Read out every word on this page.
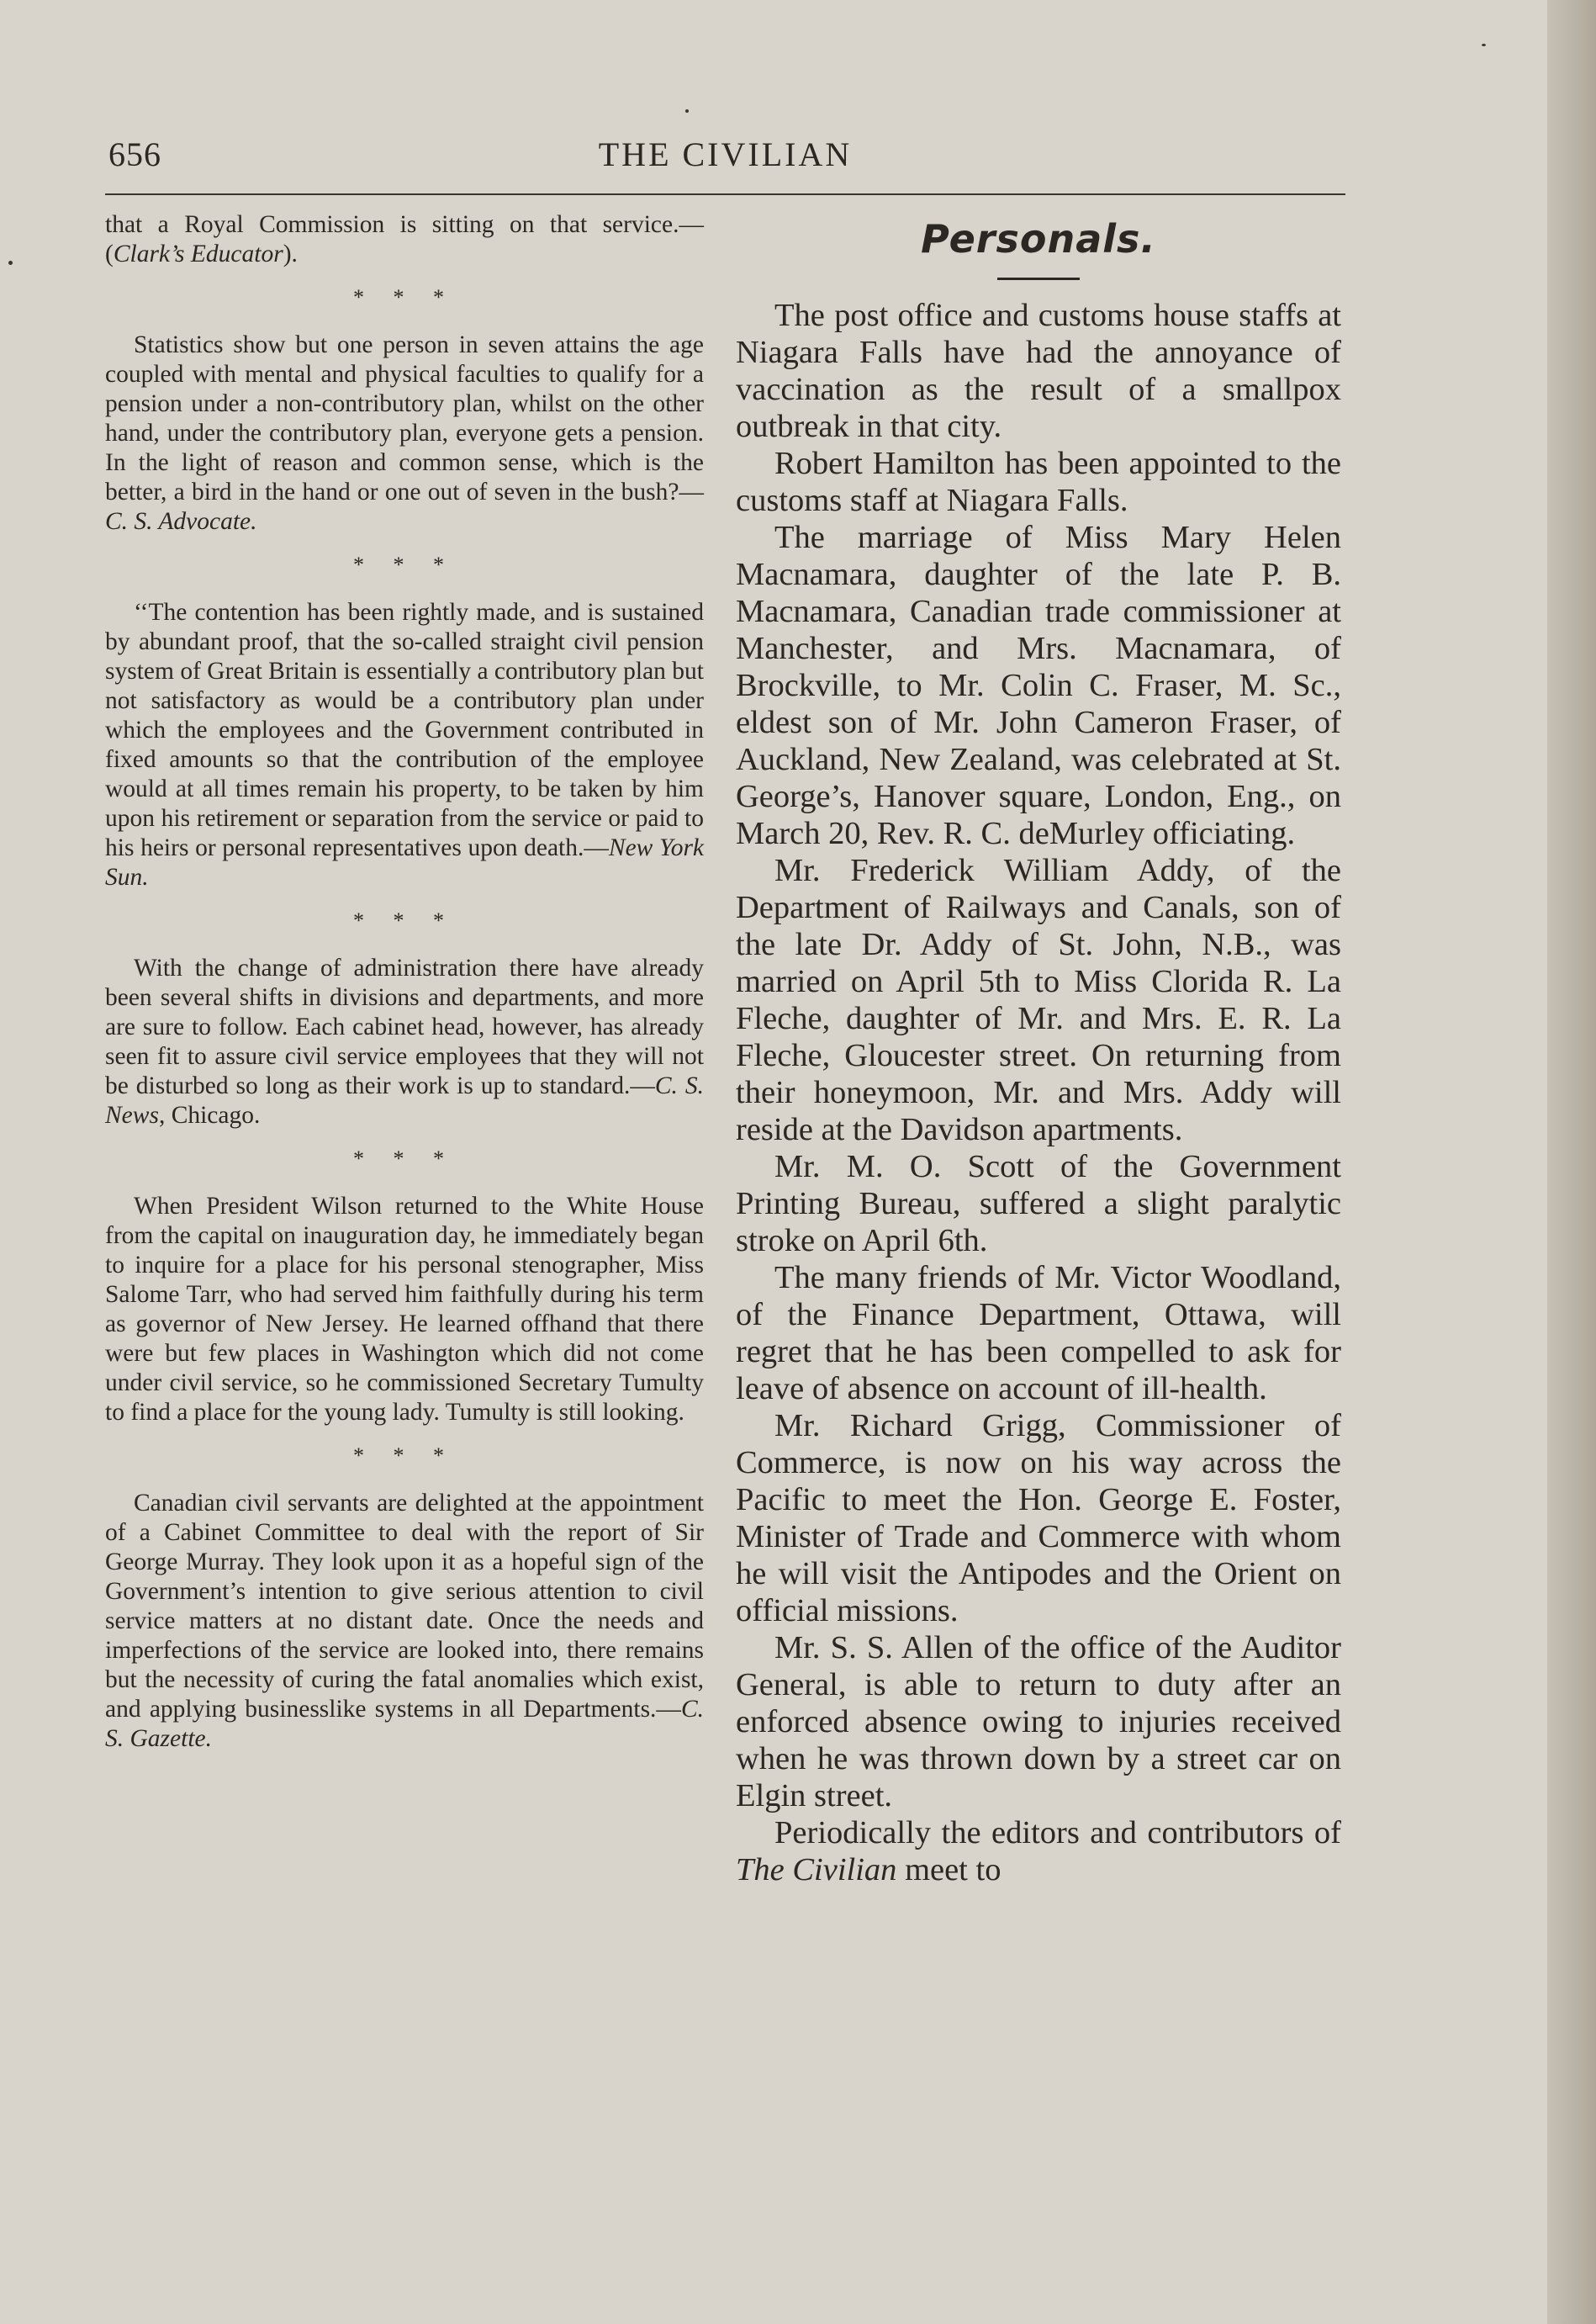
656	THE CIVILIAN

that a Royal Commission is sitting on that service.—(Clark’s Educator).

* * *

Statistics show but one person in seven attains the age coupled with mental and physical faculties to qualify for a pension under a non-contributory plan, whilst on the other hand, under the contributory plan, everyone gets a pension. In the light of reason and common sense, which is the better, a bird in the hand or one out of seven in the bush?—C. S. Advocate.

* * *

‘‘The contention has been rightly made, and is sustained by abundant proof, that the so-called straight civil pension system of Great Britain is essentially a contributory plan but not satisfactory as would be a contributory plan under which the employees and the Government contributed in fixed amounts so that the contribution of the employee would at all times remain his property, to be taken by him upon his retirement or separation from the service or paid to his heirs or personal representatives upon death.—New York Sun.

* * *

With the change of administration there have already been several shifts in divisions and departments, and more are sure to follow. Each cabinet head, however, has already seen fit to assure civil service employees that they will not be disturbed so long as their work is up to standard.—C. S. News, Chicago.

* * *

When President Wilson returned to the White House from the capital on inauguration day, he immediately began to inquire for a place for his personal stenographer, Miss Salome Tarr, who had served him faithfully during his term as governor of New Jersey. He learned offhand that there were but few places in Washington which did not come under civil service, so he commissioned Secretary Tumulty to find a place for the young lady. Tumulty is still looking.

* * *

Canadian civil servants are delighted at the appointment of a Cabinet Committee to deal with the report of Sir George Murray. They look upon it as a hopeful sign of the Government’s intention to give serious attention to civil service matters at no distant date. Once the needs and imperfections of the service are looked into, there remains but the necessity of curing the fatal anomalies which exist, and applying businesslike systems in all Departments.—C. S. Gazette.

Personals.

The post office and customs house staffs at Niagara Falls have had the annoyance of vaccination as the result of a smallpox outbreak in that city.

Robert Hamilton has been appointed to the customs staff at Niagara Falls.

The marriage of Miss Mary Helen Macnamara, daughter of the late P. B. Macnamara, Canadian trade commissioner at Manchester, and Mrs. Macnamara, of Brockville, to Mr. Colin C. Fraser, M. Sc., eldest son of Mr. John Cameron Fraser, of Auckland, New Zealand, was celebrated at St. George’s, Hanover square, London, Eng., on March 20, Rev. R. C. deMurley officiating.

Mr. Frederick William Addy, of the Department of Railways and Canals, son of the late Dr. Addy of St. John, N.B., was married on April 5th to Miss Clorida R. La Fleche, daughter of Mr. and Mrs. E. R. La Fleche, Gloucester street. On returning from their honeymoon, Mr. and Mrs. Addy will reside at the Davidson apartments.

Mr. M. O. Scott of the Government Printing Bureau, suffered a slight paralytic stroke on April 6th.

The many friends of Mr. Victor Woodland, of the Finance Department, Ottawa, will regret that he has been compelled to ask for leave of absence on account of ill-health.

Mr. Richard Grigg, Commissioner of Commerce, is now on his way across the Pacific to meet the Hon. George E. Foster, Minister of Trade and Commerce with whom he will visit the Antipodes and the Orient on official missions.

Mr. S. S. Allen of the office of the Auditor General, is able to return to duty after an enforced absence owing to injuries received when he was thrown down by a street car on Elgin street.

Periodically the editors and contributors of The Civilian meet to
